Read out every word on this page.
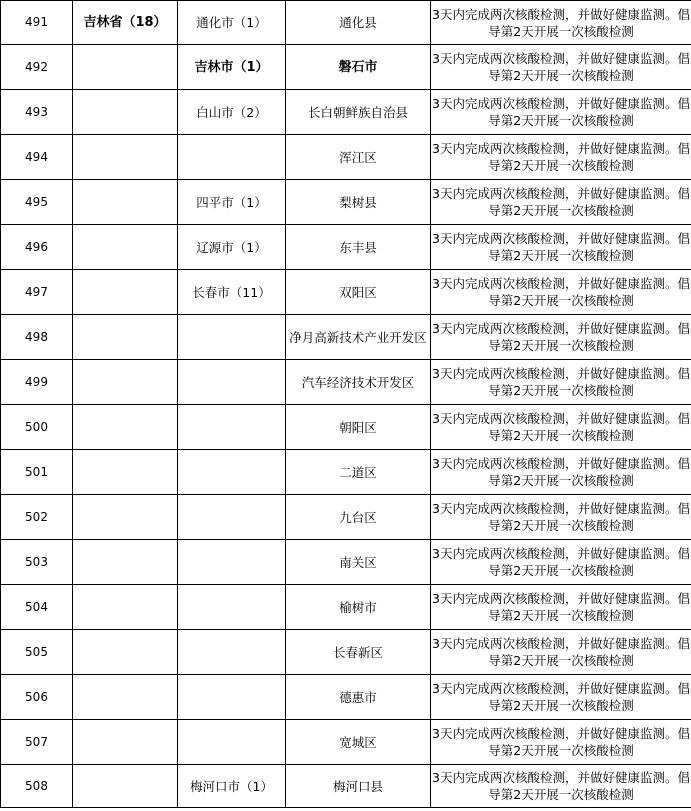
491	吉林省（18）	通化市（1）	通化县	3天内完成两次核酸检测，并做好健康监测。倡导第2天开展一次核酸检测
492		吉林市（1）	磐石市	3天内完成两次核酸检测，并做好健康监测。倡导第2天开展一次核酸检测
493		白山市（2）	长白朝鲜族自治县	3天内完成两次核酸检测，并做好健康监测。倡导第2天开展一次核酸检测
494			浑江区	3天内完成两次核酸检测，并做好健康监测。倡导第2天开展一次核酸检测
495		四平市（1）	梨树县	3天内完成两次核酸检测，并做好健康监测。倡导第2天开展一次核酸检测
496		辽源市（1）	东丰县	3天内完成两次核酸检测，并做好健康监测。倡导第2天开展一次核酸检测
497		长春市（11）	双阳区	3天内完成两次核酸检测，并做好健康监测。倡导第2天开展一次核酸检测
498			净月高新技术产业开发区	3天内完成两次核酸检测，并做好健康监测。倡导第2天开展一次核酸检测
499			汽车经济技术开发区	3天内完成两次核酸检测，并做好健康监测。倡导第2天开展一次核酸检测
500			朝阳区	3天内完成两次核酸检测，并做好健康监测。倡导第2天开展一次核酸检测
501			二道区	3天内完成两次核酸检测，并做好健康监测。倡导第2天开展一次核酸检测
502			九台区	3天内完成两次核酸检测，并做好健康监测。倡导第2天开展一次核酸检测
503			南关区	3天内完成两次核酸检测，并做好健康监测。倡导第2天开展一次核酸检测
504			榆树市	3天内完成两次核酸检测，并做好健康监测。倡导第2天开展一次核酸检测
505			长春新区	3天内完成两次核酸检测，并做好健康监测。倡导第2天开展一次核酸检测
506			德惠市	3天内完成两次核酸检测，并做好健康监测。倡导第2天开展一次核酸检测
507			宽城区	3天内完成两次核酸检测，并做好健康监测。倡导第2天开展一次核酸检测
508		梅河口市（1）	梅河口县	3天内完成两次核酸检测，并做好健康监测。倡导第2天开展一次核酸检测
